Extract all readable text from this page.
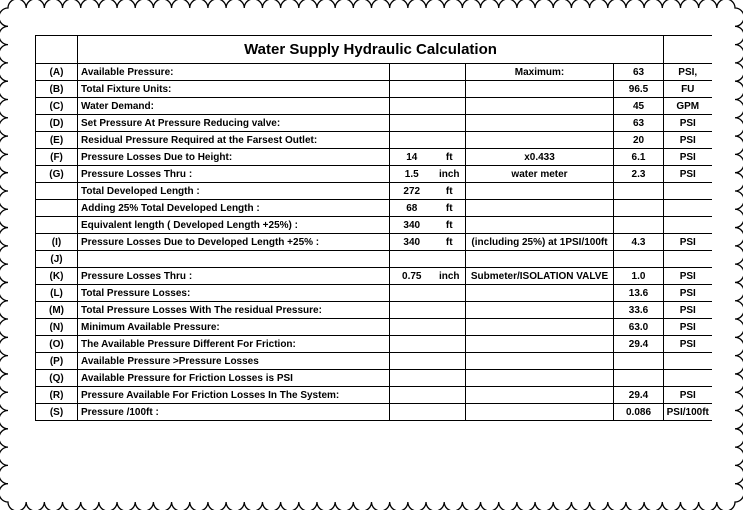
	Water Supply Hydraulic Calculation					
(A)	Available Pressure:			Maximum:	63	PSI,
(B)	Total Fixture Units:				96.5	FU
(C)	Water Demand:				45	GPM
(D)	Set Pressure At Pressure Reducing valve:				63	PSI
(E)	Residual Pressure Required at the Farsest Outlet:				20	PSI
(F)	Pressure Losses Due to Height:	14	ft	x0.433	6.1	PSI
(G)	Pressure Losses Thru :	1.5	inch	water meter	2.3	PSI
	Total Developed Length :	272	ft			
	Adding 25% Total Developed Length :	68	ft			
	Equivalent length ( Developed Length +25%) :	340	ft			
(I)	Pressure Losses Due to Developed Length +25% :	340	ft	(including 25%) at 1PSI/100ft	4.3	PSI
(J)						
(K)	Pressure Losses Thru :	0.75	inch	Submeter/ISOLATION VALVE	1.0	PSI
(L)	Total Pressure Losses:				13.6	PSI
(M)	Total Pressure Losses With The residual Pressure:				33.6	PSI
(N)	Minimum Available Pressure:				63.0	PSI
(O)	The Available Pressure Different For Friction:				29.4	PSI
(P)	Available Pressure >Pressure Losses					
(Q)	Available Pressure for Friction Losses is PSI					
(R)	Pressure Available For Friction Losses In The System:				29.4	PSI
(S)	Pressure /100ft :				0.086	PSI/100ft
